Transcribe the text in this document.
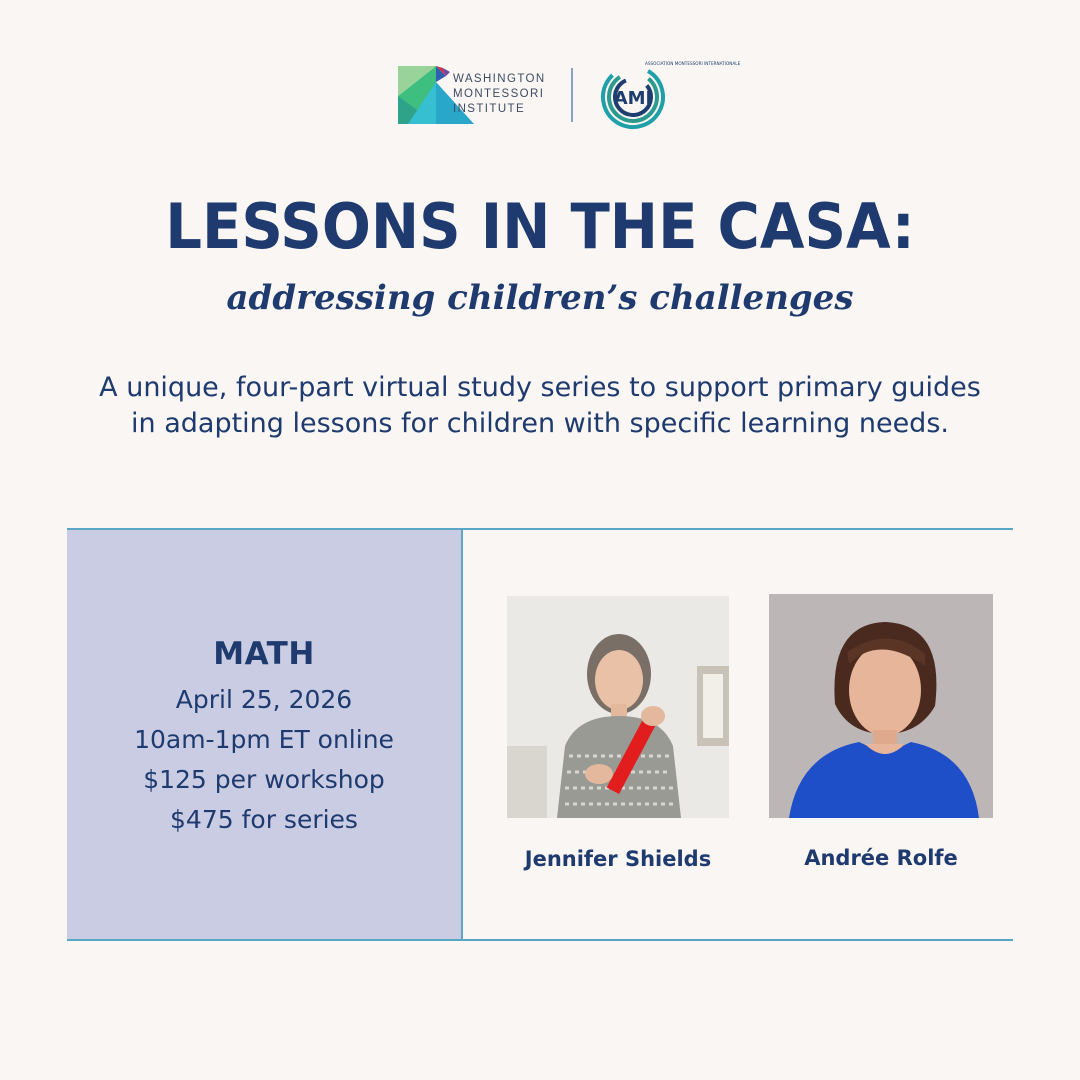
WASHINGTON
MONTESSORI
INSTITUTE	AMI
ASSOCIATION MONTESSORI INTERNATIONALE
LESSONS IN THE CASA:
addressing children’s challenges
A unique, four-part virtual study series to support primary guides
in adapting lessons for children with specific learning needs.
MATH
April 25, 2026
10am-1pm ET online
$125 per workshop
$475 for series
Jennifer Shields	Andrée Rolfe
